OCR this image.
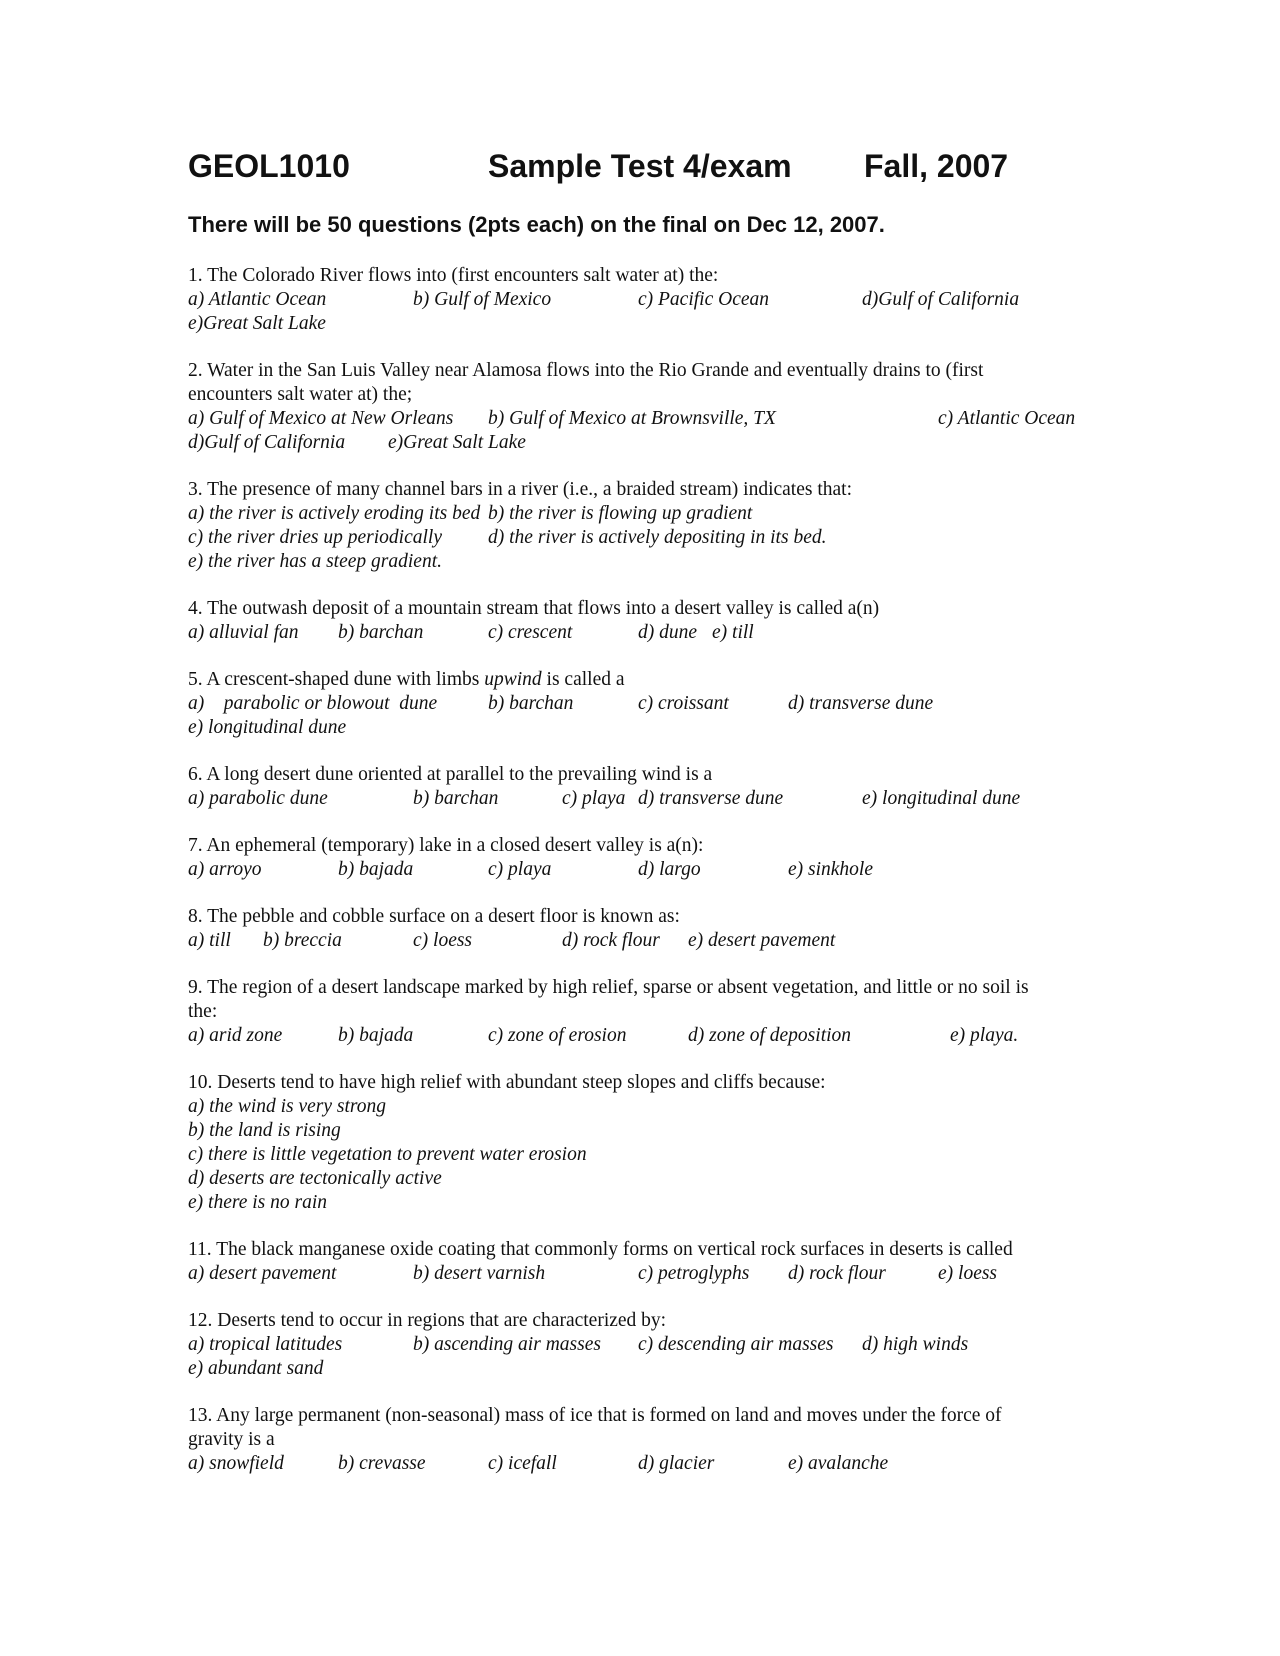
GEOL1010	Sample Test 4/exam Fall, 2007
There will be 50 questions (2pts each) on the final on Dec 12, 2007.
1. The Colorado River flows into (first encounters salt water at) the:
a) Atlantic Ocean	b) Gulf of Mexico	c) Pacific Ocean	d)Gulf of California
e)Great Salt Lake
2. Water in the San Luis Valley near Alamosa flows into the Rio Grande and eventually drains to (first
encounters salt water at) the;
a) Gulf of Mexico at New Orleans b) Gulf of Mexico at Brownsville, TX	c) Atlantic Ocean
d)Gulf of California e)Great Salt Lake
3. The presence of many channel bars in a river (i.e., a braided stream) indicates that:
a) the river is actively eroding its bed b) the river is flowing up gradient
c) the river dries up periodically d) the river is actively depositing in its bed.
e) the river has a steep gradient.
4. The outwash deposit of a mountain stream that flows into a desert valley is called a(n)
a) alluvial fan b) barchan	c) crescent	d) dune e) till
5. A crescent-shaped dune with limbs upwind is called a
a)    parabolic or blowout  dune	b) barchan	c) croissant	d) transverse dune
e) longitudinal dune
6. A long desert dune oriented at parallel to the prevailing wind is a
a) parabolic dune	b) barchan	c) playa d) transverse dune	e) longitudinal dune
7. An ephemeral (temporary) lake in a closed desert valley is a(n):
a) arroyo	b) bajada	c) playa	d) largo	e) sinkhole
8. The pebble and cobble surface on a desert floor is known as:
a) till b) breccia	c) loess	d) rock flour e) desert pavement
9. The region of a desert landscape marked by high relief, sparse or absent vegetation, and little or no soil is
the:
a) arid zone	b) bajada	c) zone of erosion	d) zone of deposition	e) playa.
10. Deserts tend to have high relief with abundant steep slopes and cliffs because:
a) the wind is very strong
b) the land is rising
c) there is little vegetation to prevent water erosion
d) deserts are tectonically active
e) there is no rain
11. The black manganese oxide coating that commonly forms on vertical rock surfaces in deserts is called
a) desert pavement	b) desert varnish	c) petroglyphs d) rock flour	e) loess
12. Deserts tend to occur in regions that are characterized by:
a) tropical latitudes	b) ascending air masses c) descending air masses d) high winds
e) abundant sand
13. Any large permanent (non-seasonal) mass of ice that is formed on land and moves under the force of
gravity is a
a) snowfield	b) crevasse	c) icefall	d) glacier	e) avalanche
